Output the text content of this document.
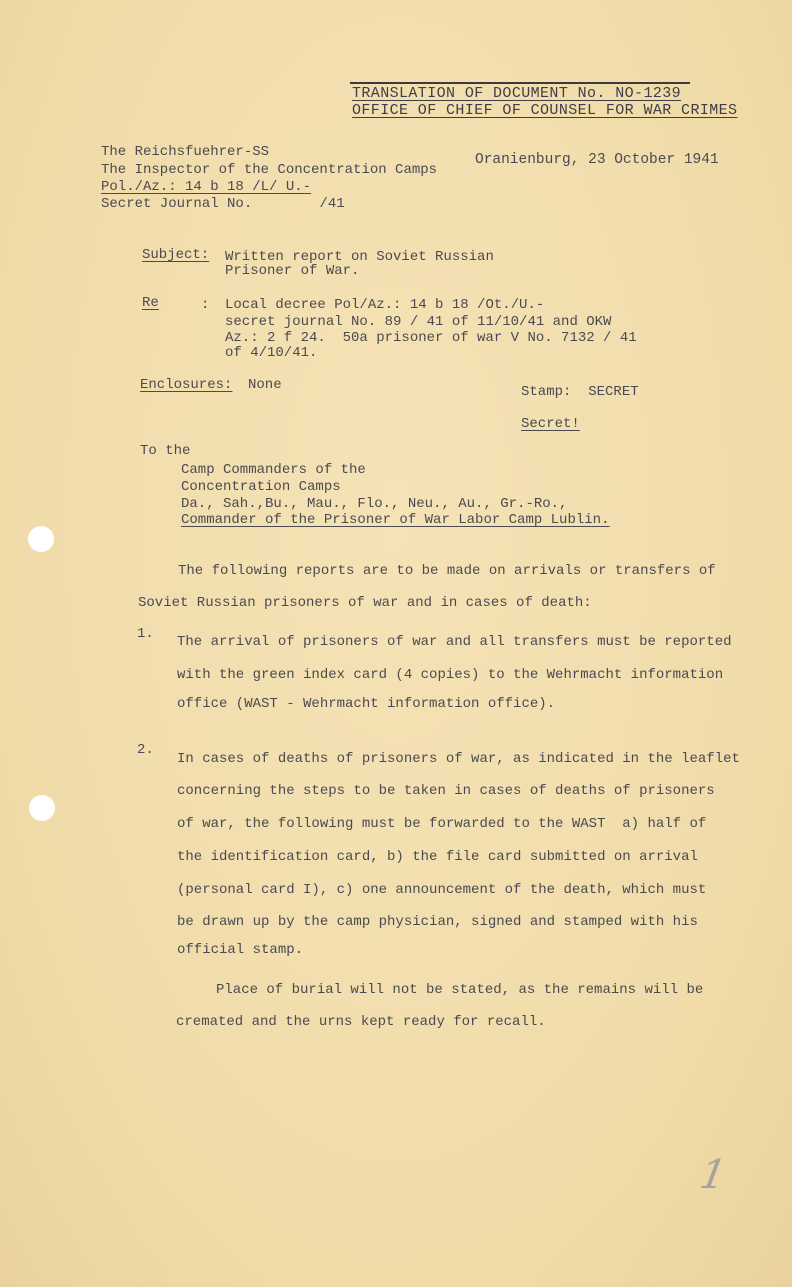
TRANSLATION OF DOCUMENT No. NO-1239
OFFICE OF CHIEF OF COUNSEL FOR WAR CRIMES
The Reichsfuehrer-SS
The Inspector of the Concentration Camps
Pol./Az.: 14 b 18 /L/ U.-
Secret Journal No.        /41
Oranienburg, 23 October 1941
Subject: Written report on Soviet Russian
Prisoner of War.
Re	: Local decree Pol/Az.: 14 b 18 /Ot./U.-
secret journal No. 89 / 41 of 11/10/41 and OKW
Az.: 2 f 24.  50a prisoner of war V No. 7132 / 41
of 4/10/41.
Enclosures: None	Stamp:  SECRET
Secret!
To the
Camp Commanders of the
Concentration Camps
Da., Sah.,Bu., Mau., Flo., Neu., Au., Gr.-Ro.,
Commander of the Prisoner of War Labor Camp Lublin.
The following reports are to be made on arrivals or transfers of
Soviet Russian prisoners of war and in cases of death:
1. The arrival of prisoners of war and all transfers must be reported
with the green index card (4 copies) to the Wehrmacht information
office (WAST - Wehrmacht information office).
2.
In cases of deaths of prisoners of war, as indicated in the leaflet
concerning the steps to be taken in cases of deaths of prisoners
of war, the following must be forwarded to the WAST  a) half of
the identification card, b) the file card submitted on arrival
(personal card I), c) one announcement of the death, which must
be drawn up by the camp physician, signed and stamped with his
official stamp.
Place of burial will not be stated, as the remains will be
cremated and the urns kept ready for recall.
1
